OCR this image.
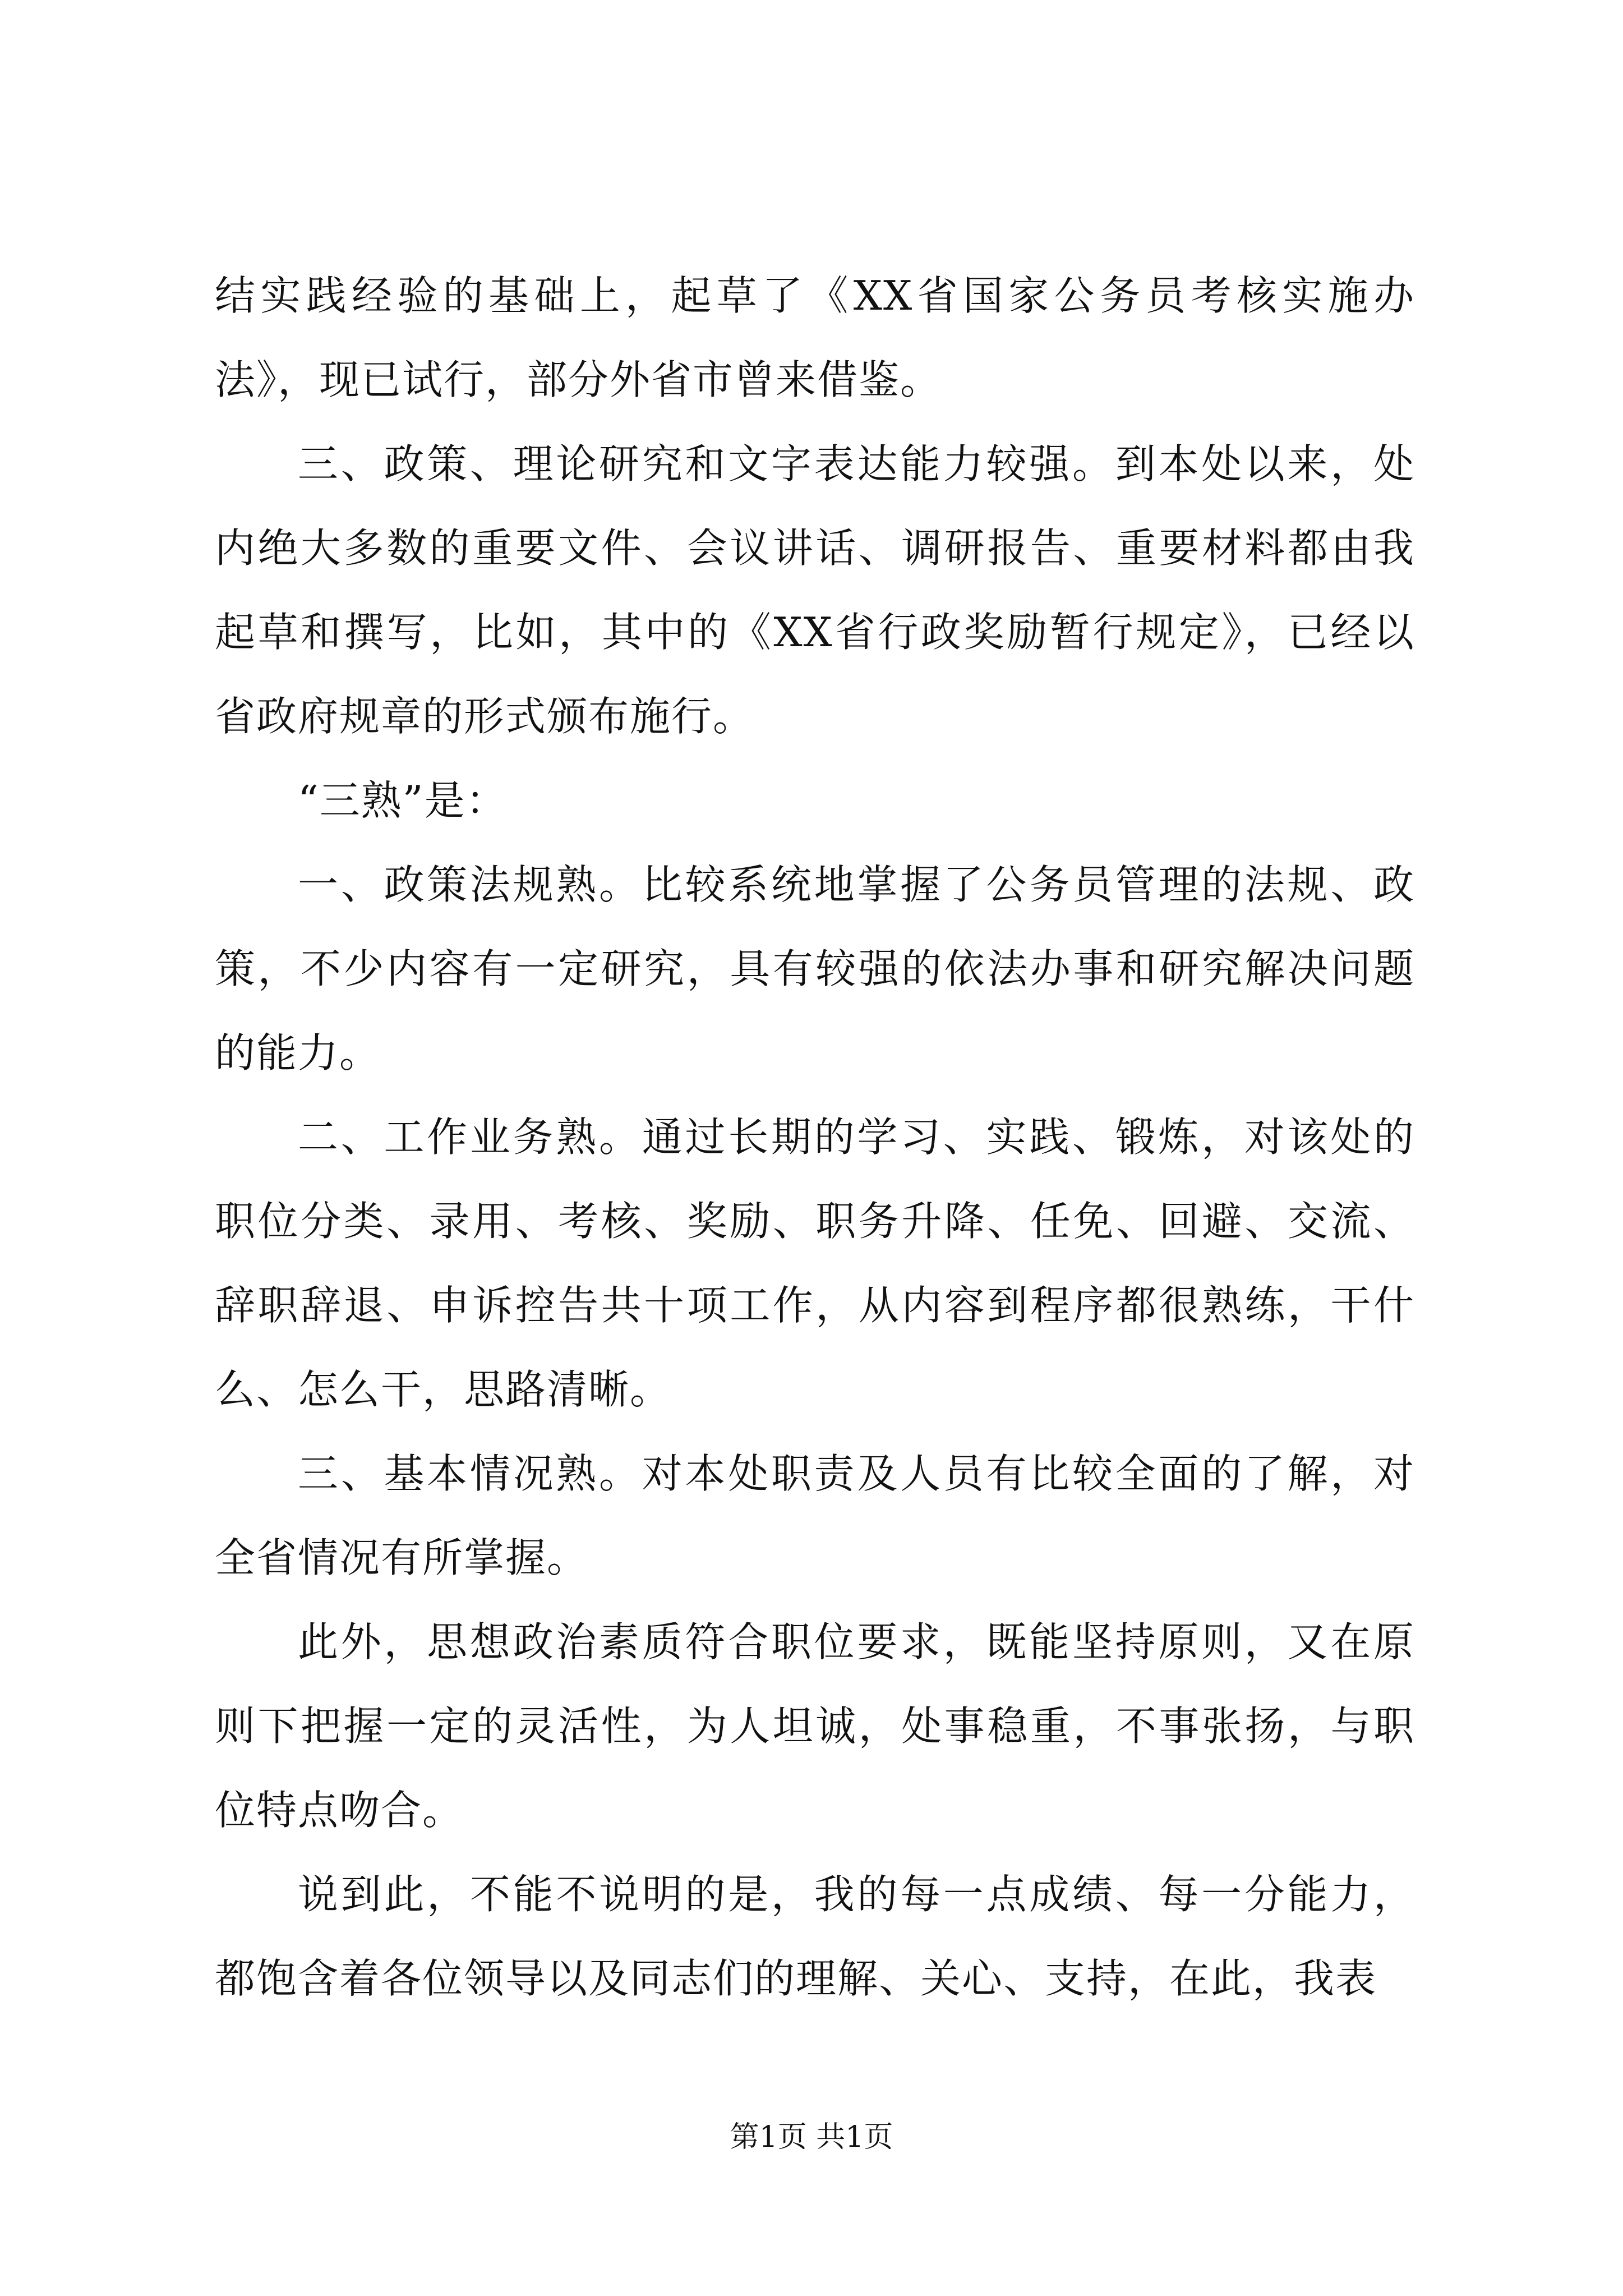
结实践经验的基础上，起草了《XX省国家公务员考核实施办法》，现已试行，部分外省市曾来借鉴。

三、政策、理论研究和文字表达能力较强。到本处以来，处内绝大多数的重要文件、会议讲话、调研报告、重要材料都由我起草和撰写，比如，其中的《XX省行政奖励暂行规定》，已经以省政府规章的形式颁布施行。

“三熟”是：

一、政策法规熟。比较系统地掌握了公务员管理的法规、政策，不少内容有一定研究，具有较强的依法办事和研究解决问题的能力。

二、工作业务熟。通过长期的学习、实践、锻炼，对该处的职位分类、录用、考核、奖励、职务升降、任免、回避、交流、辞职辞退、申诉控告共十项工作，从内容到程序都很熟练，干什么、怎么干，思路清晰。

三、基本情况熟。对本处职责及人员有比较全面的了解，对全省情况有所掌握。

此外，思想政治素质符合职位要求，既能坚持原则，又在原则下把握一定的灵活性，为人坦诚，处事稳重，不事张扬，与职位特点吻合。

说到此，不能不说明的是，我的每一点成绩、每一分能力，都饱含着各位领导以及同志们的理解、关心、支持，在此，我表

第1页 共1页
